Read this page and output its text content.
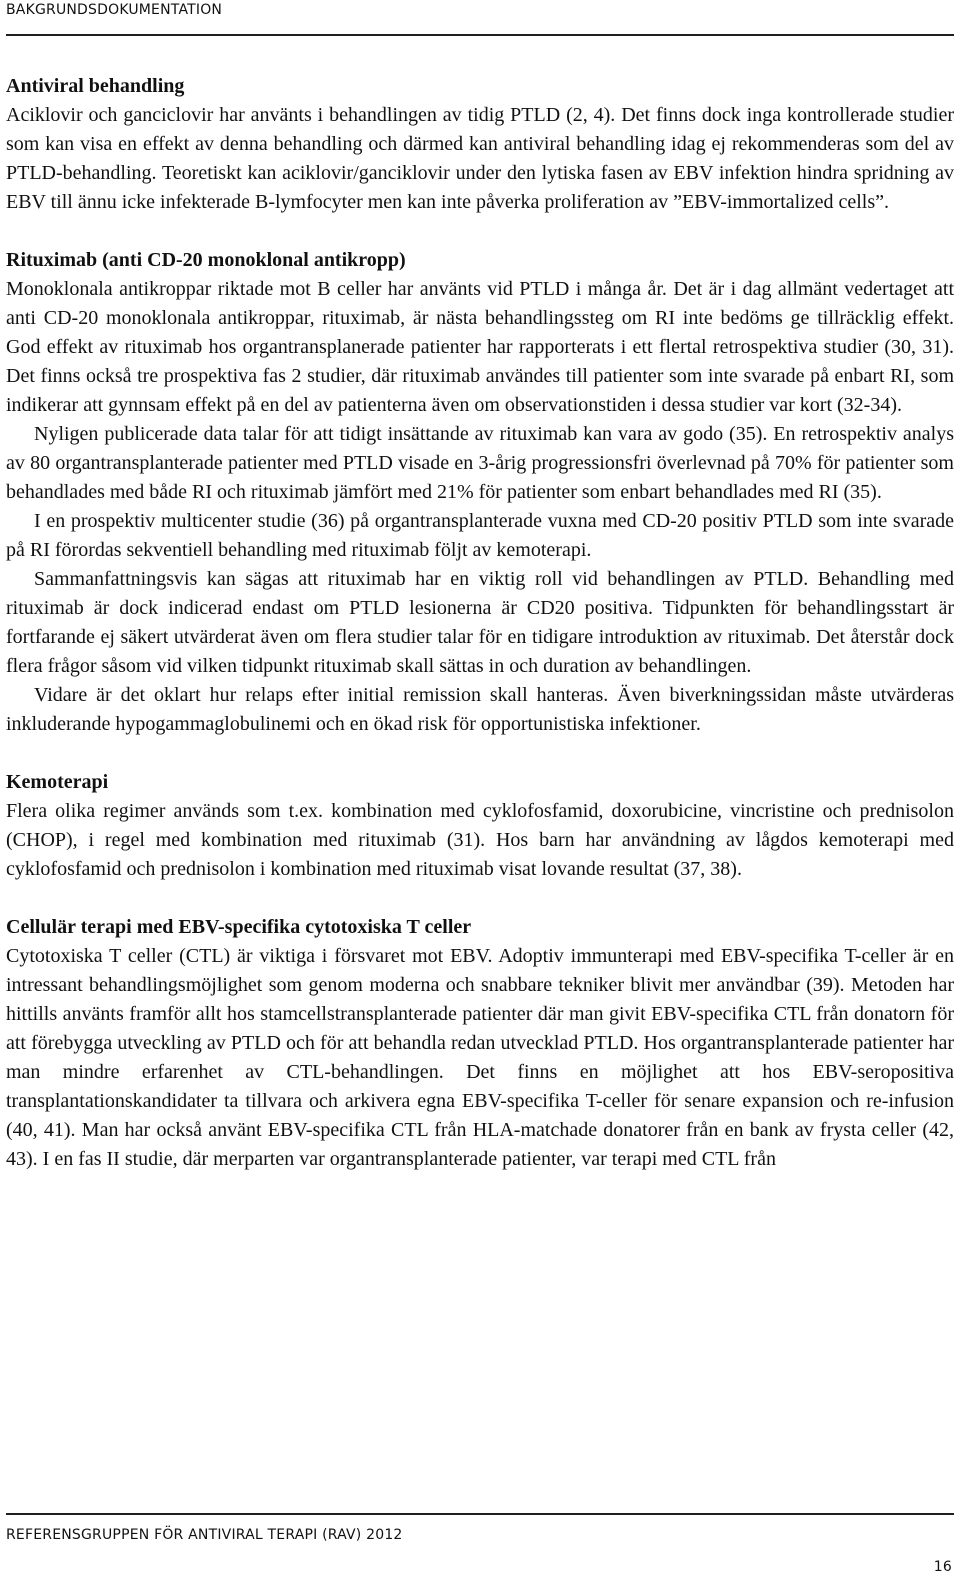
BAKGRUNDSDOKUMENTATION

Antiviral behandling

Aciklovir och ganciclovir har använts i behandlingen av tidig PTLD (2, 4). Det finns dock inga kontrollerade studier som kan visa en effekt av denna behandling och därmed kan antiviral behandling idag ej rekommenderas som del av PTLD-behandling. Teoretiskt kan aciklovir/ganciklovir under den lytiska fasen av EBV infektion hindra spridning av EBV till ännu icke infekterade B-lymfocyter men kan inte påverka proliferation av ”EBV-immortalized cells”.

Rituximab (anti CD-20 monoklonal antikropp)

Monoklonala antikroppar riktade mot B celler har använts vid PTLD i många år. Det är i dag allmänt vedertaget att anti CD-20 monoklonala antikroppar, rituximab, är nästa behandlingssteg om RI inte bedöms ge tillräcklig effekt. God effekt av rituximab hos organtransplanerade patienter har rapporterats i ett flertal retrospektiva studier (30, 31). Det finns också tre prospektiva fas 2 studier, där rituximab användes till patienter som inte svarade på enbart RI, som indikerar att gynnsam effekt på en del av patienterna även om observationstiden i dessa studier var kort (32-34).

Nyligen publicerade data talar för att tidigt insättande av rituximab kan vara av godo (35). En retrospektiv analys av 80 organtransplanterade patienter med PTLD visade en 3-årig progressionsfri överlevnad på 70% för patienter som behandlades med både RI och rituximab jämfört med 21% för patienter som enbart behandlades med RI (35).

I en prospektiv multicenter studie (36) på organtransplanterade vuxna med CD-20 positiv PTLD som inte svarade på RI förordas sekventiell behandling med rituximab följt av kemoterapi.

Sammanfattningsvis kan sägas att rituximab har en viktig roll vid behandlingen av PTLD. Behandling med rituximab är dock indicerad endast om PTLD lesionerna är CD20 positiva. Tidpunkten för behandlingsstart är fortfarande ej säkert utvärderat även om flera studier talar för en tidigare introduktion av rituximab. Det återstår dock flera frågor såsom vid vilken tidpunkt rituximab skall sättas in och duration av behandlingen.

Vidare är det oklart hur relaps efter initial remission skall hanteras. Även biverkningssidan måste utvärderas inkluderande hypogammaglobulinemi och en ökad risk för opportunistiska infektioner.

Kemoterapi

Flera olika regimer används som t.ex. kombination med cyklofosfamid, doxorubicine, vincristine och prednisolon (CHOP), i regel med kombination med rituximab (31). Hos barn har användning av lågdos kemoterapi med cyklofosfamid och prednisolon i kombination med rituximab visat lovande resultat (37, 38).

Cellulär terapi med EBV-specifika cytotoxiska T celler

Cytotoxiska T celler (CTL) är viktiga i försvaret mot EBV. Adoptiv immunterapi med EBV-specifika T-celler är en intressant behandlingsmöjlighet som genom moderna och snabbare tekniker blivit mer användbar (39). Metoden har hittills använts framför allt hos stamcellstransplanterade patienter där man givit EBV-specifika CTL från donatorn för att förebygga utveckling av PTLD och för att behandla redan utvecklad PTLD. Hos organtransplanterade patienter har man mindre erfarenhet av CTL-behandlingen. Det finns en möjlighet att hos EBV-seropositiva transplantationskandidater ta tillvara och arkivera egna EBV-specifika T-celler för senare expansion och re-infusion (40, 41). Man har också använt EBV-specifika CTL från HLA-matchade donatorer från en bank av frysta celler (42, 43). I en fas II studie, där merparten var organtransplanterade patienter, var terapi med CTL från

REFERENSGRUPPEN FÖR ANTIVIRAL TERAPI (RAV) 2012
16
